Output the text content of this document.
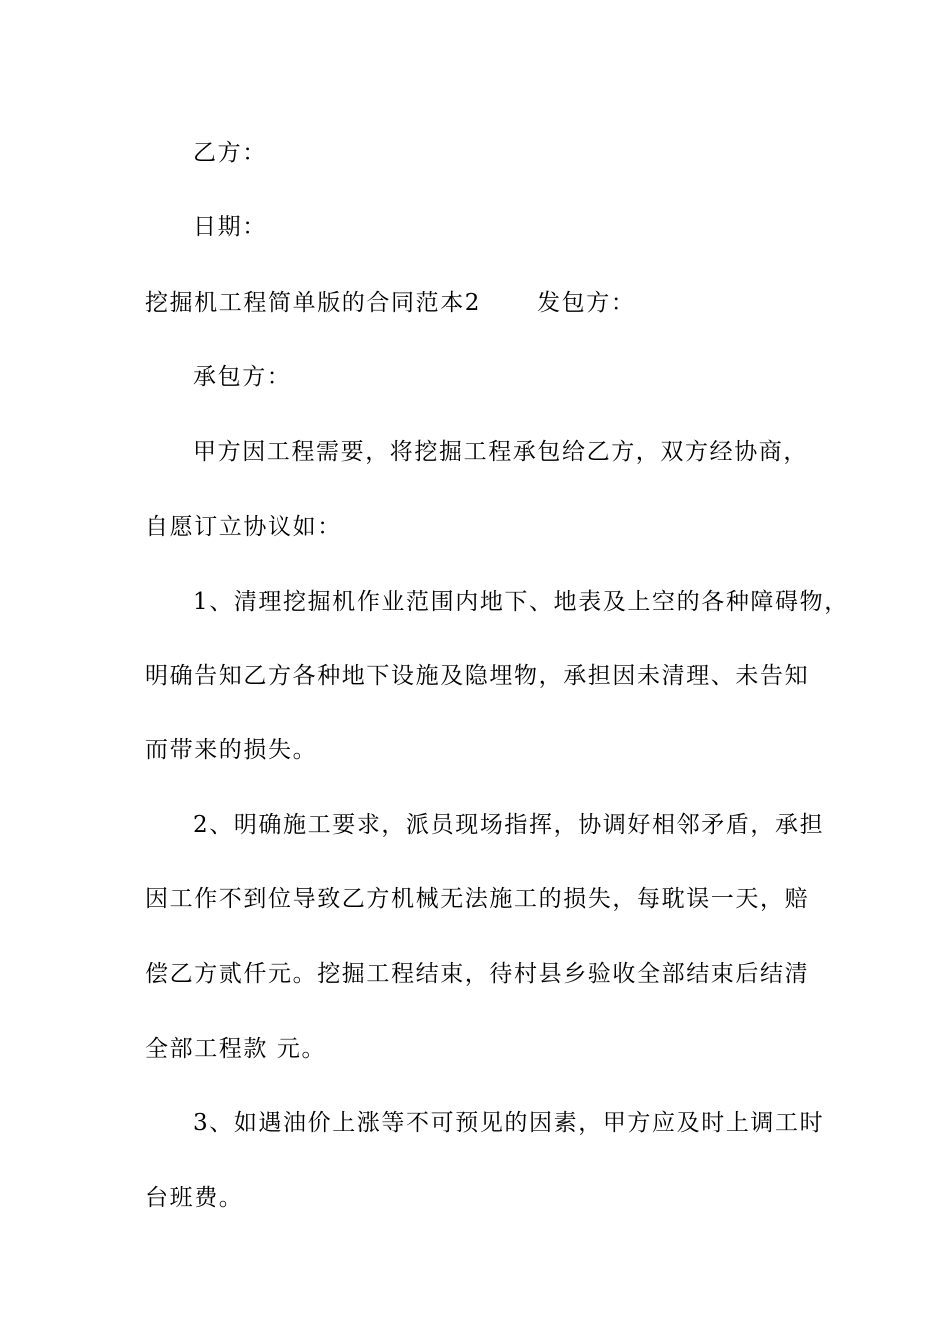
乙方：
日期：
挖掘机工程简单版的合同范本2 发包方：
承包方：
甲方因工程需要，将挖掘工程承包给乙方，双方经协商，
自愿订立协议如：
1、清理挖掘机作业范围内地下、地表及上空的各种障碍物，
明确告知乙方各种地下设施及隐埋物，承担因未清理、未告知
而带来的损失。
2、明确施工要求，派员现场指挥，协调好相邻矛盾，承担
因工作不到位导致乙方机械无法施工的损失，每耽误一天，赔
偿乙方贰仟元。挖掘工程结束，待村县乡验收全部结束后结清
全部工程款 元。
3、如遇油价上涨等不可预见的因素，甲方应及时上调工时
台班费。
